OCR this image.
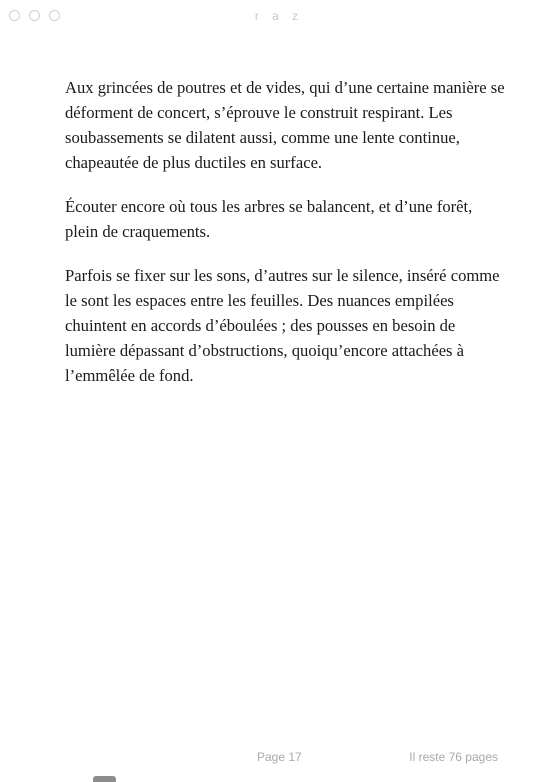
r a z

Aux grincées de poutres et de vides, qui d’une certaine manière se déforment de concert, s’éprouve le construit respirant. Les soubassements se dilatent aussi, comme une lente continue, chapeautée de plus ductiles en surface.

Écouter encore où tous les arbres se balancent, et d’une forêt, plein de craquements.

Parfois se fixer sur les sons, d’autres sur le silence, inséré comme le sont les espaces entre les feuilles. Des nuances empilées chuintent en accords d’éboulées ; des pousses en besoin de lumière dépassant d’obstructions, quoiqu’encore attachées à l’emmêlée de fond.

Page 17	Il reste 76 pages
